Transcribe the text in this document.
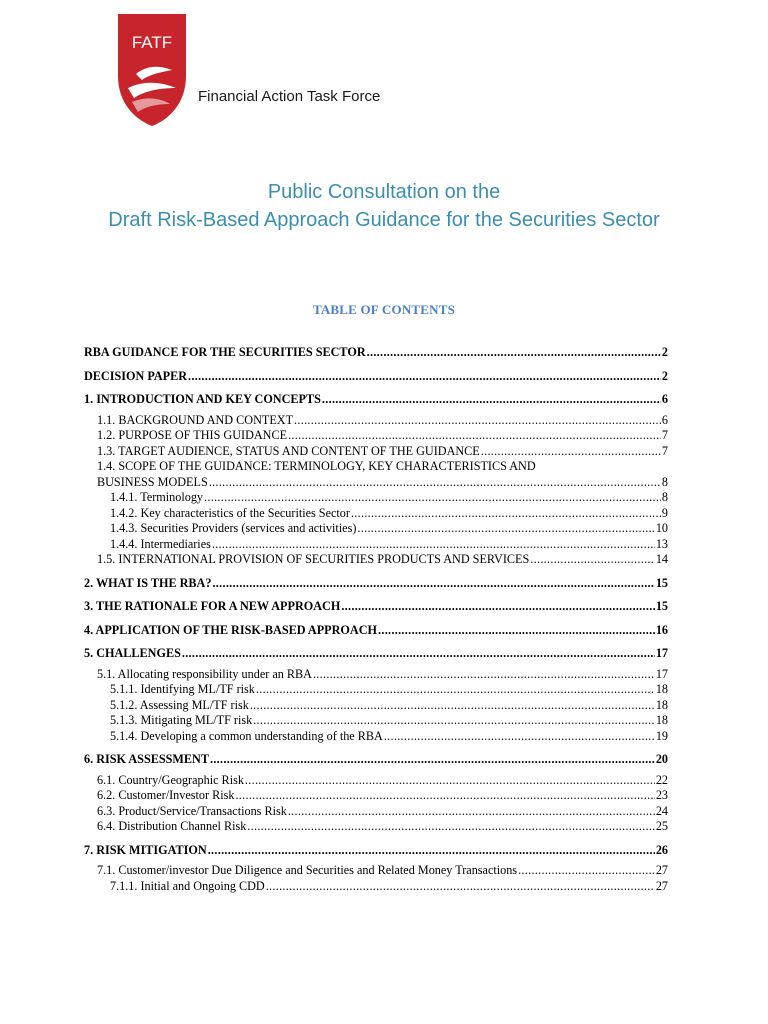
FATF
Financial Action Task Force
Public Consultation on the
Draft Risk-Based Approach Guidance for the Securities Sector
TABLE OF CONTENTS
RBA GUIDANCE FOR THE SECURITIES SECTOR .....	2
DECISION PAPER .....	2
1. INTRODUCTION AND KEY CONCEPTS .....	6
1.1. BACKGROUND AND CONTEXT .....	6
1.2. PURPOSE OF THIS GUIDANCE .....	7
1.3. TARGET AUDIENCE, STATUS AND CONTENT OF THE GUIDANCE .....	7
1.4. SCOPE OF THE GUIDANCE: TERMINOLOGY, KEY CHARACTERISTICS AND
BUSINESS MODELS .....	8
1.4.1. Terminology .....	8
1.4.2. Key characteristics of the Securities Sector .....	9
1.4.3. Securities Providers (services and activities) .....	10
1.4.4. Intermediaries .....	13
1.5. INTERNATIONAL PROVISION OF SECURITIES PRODUCTS AND SERVICES .....	14
2. WHAT IS THE RBA? .....	15
3. THE RATIONALE FOR A NEW APPROACH .....	15
4. APPLICATION OF THE RISK-BASED APPROACH .....	16
5. CHALLENGES .....	17
5.1. Allocating responsibility under an RBA .....	17
5.1.1. Identifying ML/TF risk .....	18
5.1.2. Assessing ML/TF risk .....	18
5.1.3. Mitigating ML/TF risk .....	18
5.1.4. Developing a common understanding of the RBA .....	19
6. RISK ASSESSMENT .....	20
6.1. Country/Geographic Risk .....	22
6.2. Customer/Investor Risk .....	23
6.3. Product/Service/Transactions Risk .....	24
6.4. Distribution Channel Risk .....	25
7. RISK MITIGATION .....	26
7.1. Customer/investor Due Diligence and Securities and Related Money Transactions .....	27
7.1.1. Initial and Ongoing CDD .....	27
